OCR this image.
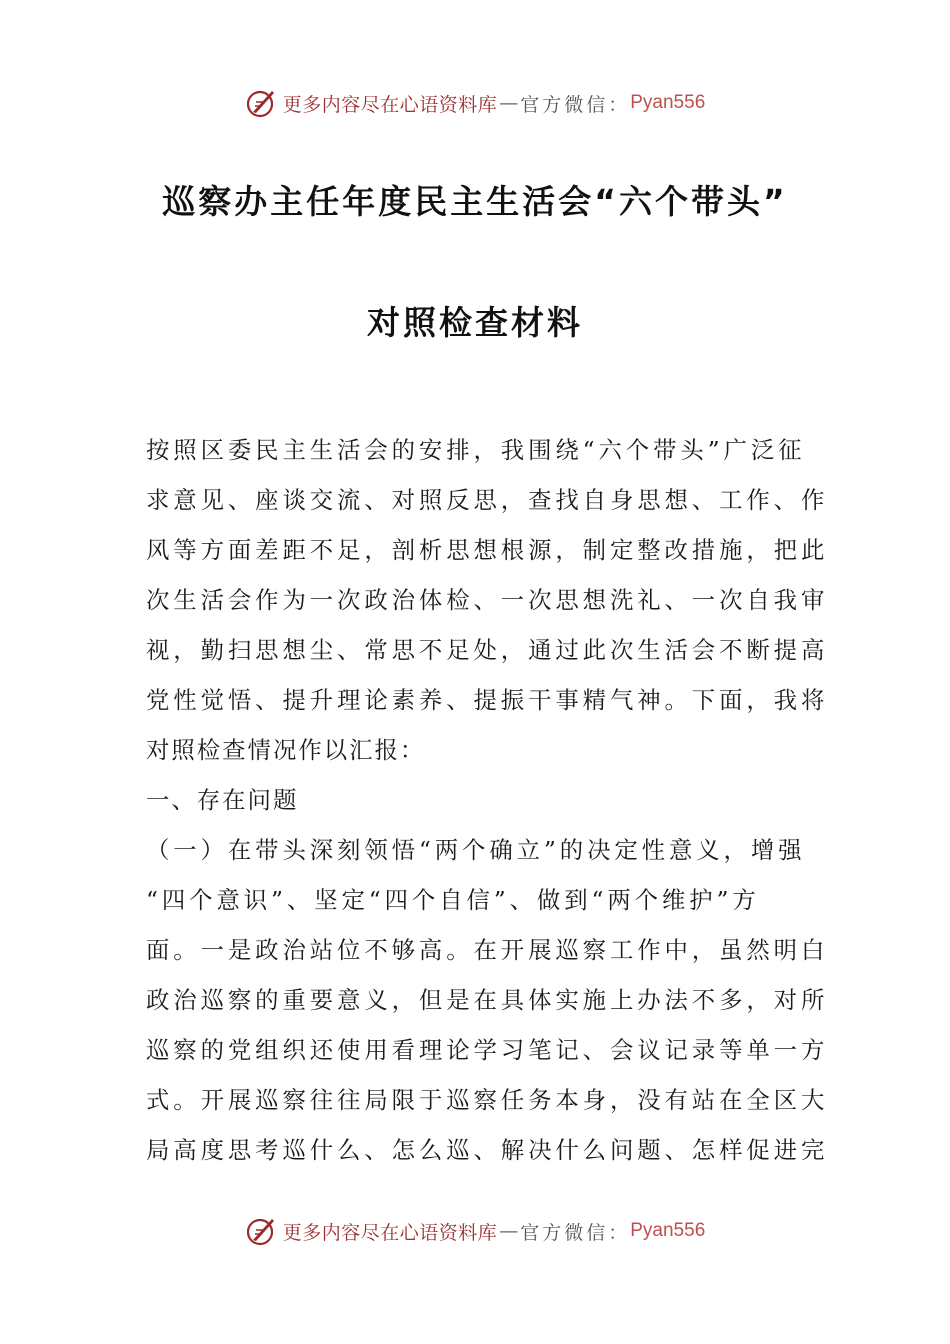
更多内容尽在心语资料库 — 官方微信： Pyan556
巡察办主任年度民主生活会“六个带头”
对照检查材料
按照区委民主生活会的安排，我围绕“六个带头”广泛征
求意见、座谈交流、对照反思，查找自身思想、工作、作
风等方面差距不足，剖析思想根源，制定整改措施，把此
次生活会作为一次政治体检、一次思想洗礼、一次自我审
视，勤扫思想尘、常思不足处，通过此次生活会不断提高
党性觉悟、提升理论素养、提振干事精气神。下面，我将
对照检查情况作以汇报：
一、存在问题
（一）在带头深刻领悟“两个确立”的决定性意义，增强
“四个意识”、坚定“四个自信”、做到“两个维护”方
面。一是政治站位不够高。在开展巡察工作中，虽然明白
政治巡察的重要意义，但是在具体实施上办法不多，对所
巡察的党组织还使用看理论学习笔记、会议记录等单一方
式。开展巡察往往局限于巡察任务本身，没有站在全区大
局高度思考巡什么、怎么巡、解决什么问题、怎样促进完
更多内容尽在心语资料库 — 官方微信： Pyan556
